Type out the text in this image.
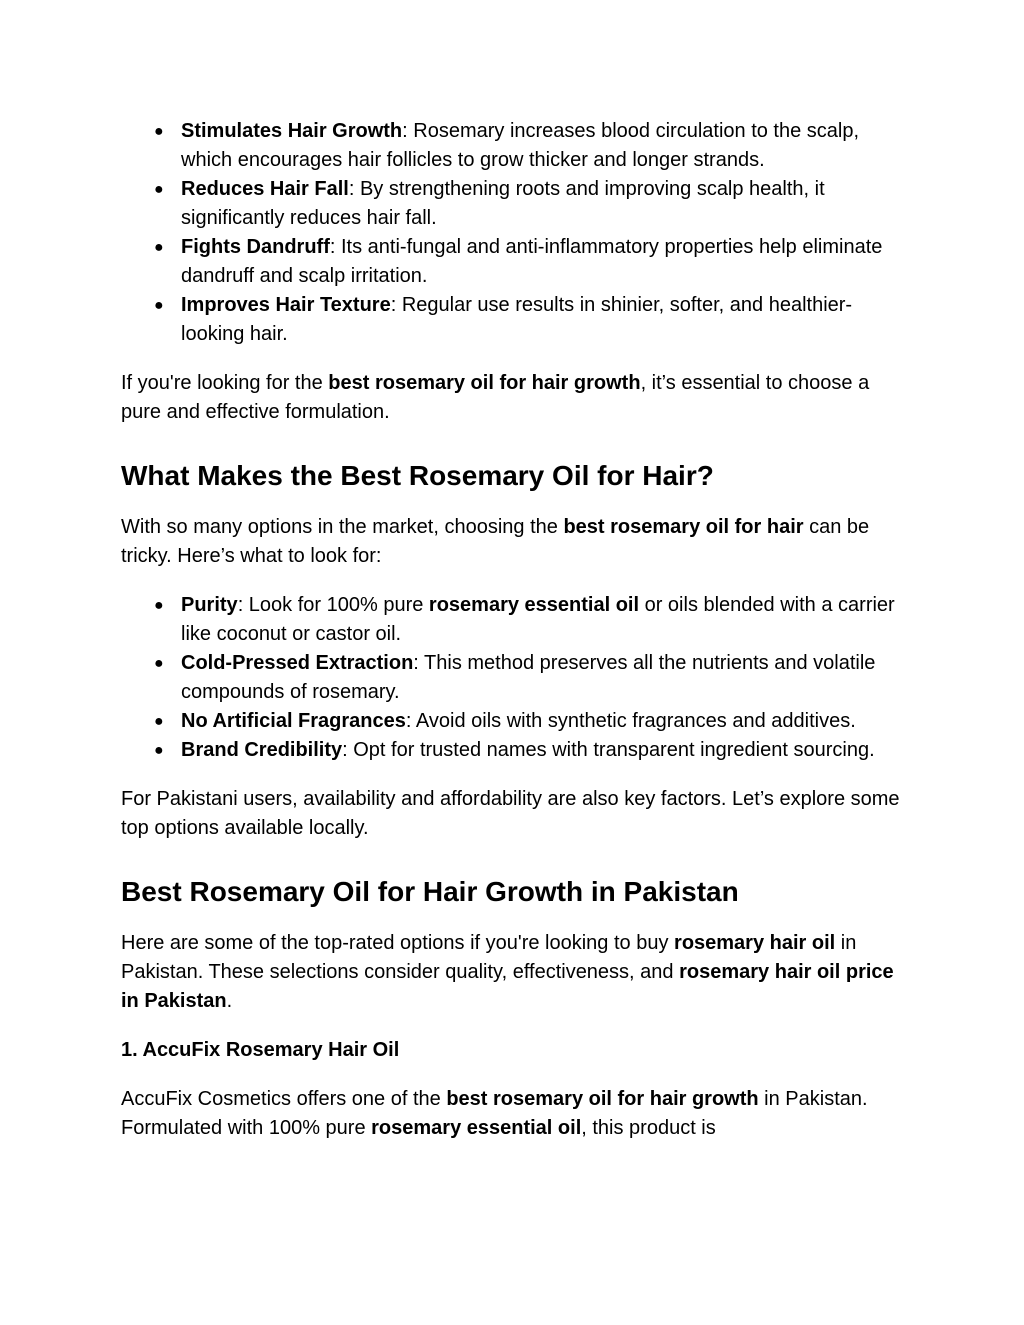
● Stimulates Hair Growth: Rosemary increases blood circulation to the scalp, which encourages hair follicles to grow thicker and longer strands.
● Reduces Hair Fall: By strengthening roots and improving scalp health, it significantly reduces hair fall.
● Fights Dandruff: Its anti-fungal and anti-inflammatory properties help eliminate dandruff and scalp irritation.
● Improves Hair Texture: Regular use results in shinier, softer, and healthier-looking hair.

If you're looking for the best rosemary oil for hair growth, it’s essential to choose a pure and effective formulation.

What Makes the Best Rosemary Oil for Hair?

With so many options in the market, choosing the best rosemary oil for hair can be tricky. Here’s what to look for:

● Purity: Look for 100% pure rosemary essential oil or oils blended with a carrier like coconut or castor oil.
● Cold-Pressed Extraction: This method preserves all the nutrients and volatile compounds of rosemary.
● No Artificial Fragrances: Avoid oils with synthetic fragrances and additives.
● Brand Credibility: Opt for trusted names with transparent ingredient sourcing.

For Pakistani users, availability and affordability are also key factors. Let’s explore some top options available locally.

Best Rosemary Oil for Hair Growth in Pakistan

Here are some of the top-rated options if you're looking to buy rosemary hair oil in Pakistan. These selections consider quality, effectiveness, and rosemary hair oil price in Pakistan.

1. AccuFix Rosemary Hair Oil

AccuFix Cosmetics offers one of the best rosemary oil for hair growth in Pakistan. Formulated with 100% pure rosemary essential oil, this product is
